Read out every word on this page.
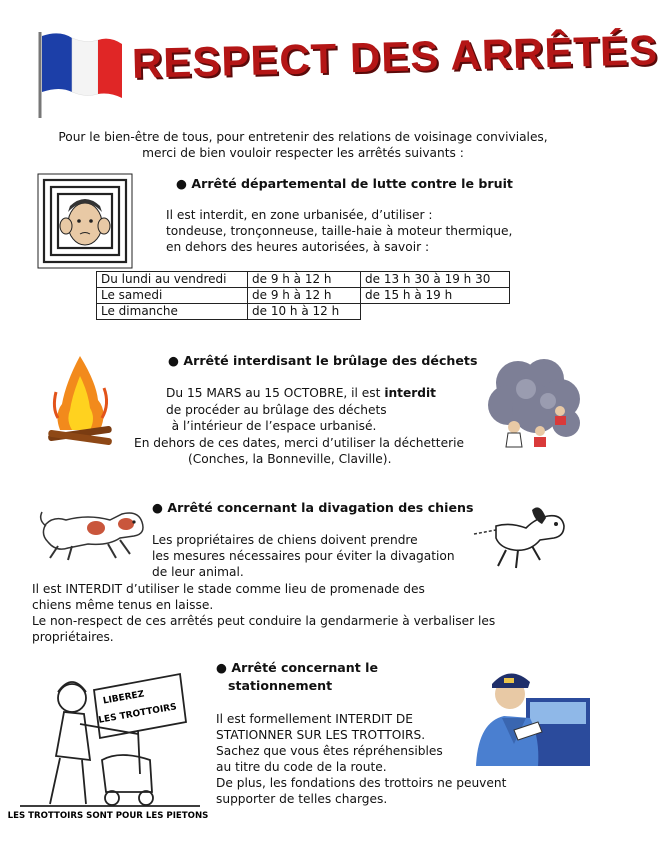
RESPECT DES ARRÊTÉS
Pour le bien-être de tous, pour entretenir des relations de voisinage conviviales,
merci de bien vouloir respecter les arrêtés suivants :
● Arrêté départemental de lutte contre le bruit
Il est interdit, en zone urbanisée, d’utiliser :
tondeuse, tronçonneuse, taille-haie à moteur thermique,
en dehors des heures autorisées, à savoir :
Du lundi au vendredi	de 9 h à 12 h	de 13 h 30 à 19 h 30
Le samedi	de 9 h à 12 h	de 15 h à 19 h
Le dimanche	de 10 h à 12 h	
● Arrêté interdisant le brûlage des déchets
Du 15 MARS au 15 OCTOBRE, il est interdit
de procéder au brûlage des déchets
à l’intérieur de l’espace urbanisé.
En dehors de ces dates, merci d’utiliser la déchetterie
(Conches, la Bonneville, Claville).
● Arrêté concernant la divagation des chiens
Les propriétaires de chiens doivent prendre
les mesures nécessaires pour éviter la divagation
de leur animal.
Il est INTERDIT d’utiliser le stade comme lieu de promenade des
chiens même tenus en laisse.
Le non-respect de ces arrêtés peut conduire la gendarmerie à verbaliser les
propriétaires.
LIBEREZ
LES TROTTOIRS
LES TROTTOIRS SONT POUR LES PIETONS
● Arrêté concernant le
stationnement
Il est formellement INTERDIT DE
STATIONNER SUR LES TROTTOIRS.
Sachez que vous êtes répréhensibles
au titre du code de la route.
De plus, les fondations des trottoirs ne peuvent
supporter de telles charges.
